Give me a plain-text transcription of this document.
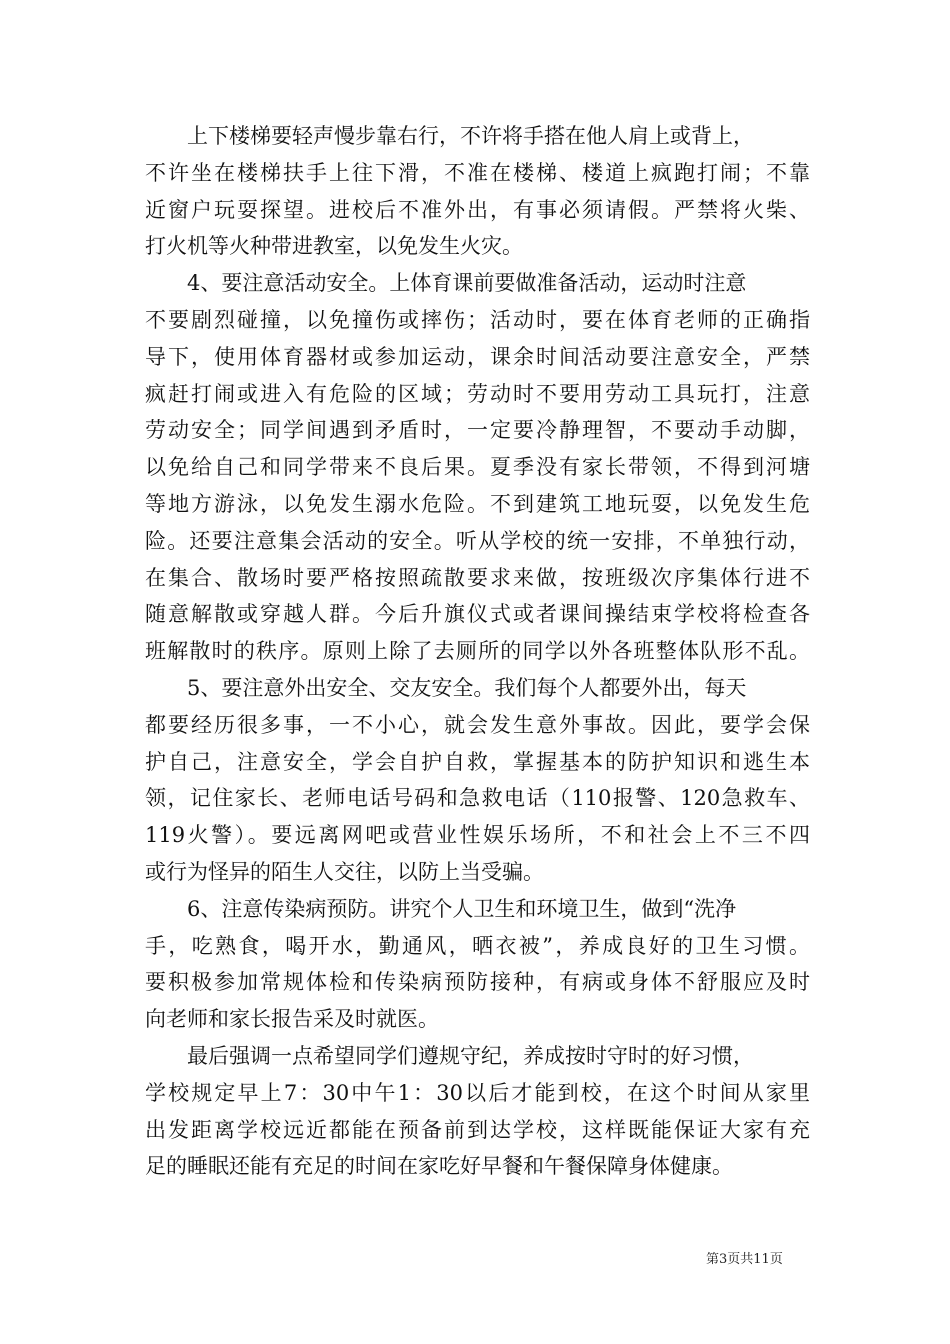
上下楼梯要轻声慢步靠右行，不许将手搭在他人肩上或背上，
不许坐在楼梯扶手上往下滑，不准在楼梯、楼道上疯跑打闹；不靠
近窗户玩耍探望。进校后不准外出，有事必须请假。严禁将火柴、
打火机等火种带进教室，以免发生火灾。
4、要注意活动安全。上体育课前要做准备活动，运动时注意
不要剧烈碰撞，以免撞伤或摔伤；活动时，要在体育老师的正确指
导下，使用体育器材或参加运动，课余时间活动要注意安全，严禁
疯赶打闹或进入有危险的区域；劳动时不要用劳动工具玩打，注意
劳动安全；同学间遇到矛盾时，一定要冷静理智，不要动手动脚，
以免给自己和同学带来不良后果。夏季没有家长带领，不得到河塘
等地方游泳，以免发生溺水危险。不到建筑工地玩耍，以免发生危
险。还要注意集会活动的安全。听从学校的统一安排，不单独行动，
在集合、散场时要严格按照疏散要求来做，按班级次序集体行进不
随意解散或穿越人群。今后升旗仪式或者课间操结束学校将检查各
班解散时的秩序。原则上除了去厕所的同学以外各班整体队形不乱。
5、要注意外出安全、交友安全。我们每个人都要外出，每天
都要经历很多事，一不小心，就会发生意外事故。因此，要学会保
护自己，注意安全，学会自护自救，掌握基本的防护知识和逃生本
领，记住家长、老师电话号码和急救电话（110报警、120急救车、
119火警）。要远离网吧或营业性娱乐场所，不和社会上不三不四
或行为怪异的陌生人交往，以防上当受骗。
6、注意传染病预防。讲究个人卫生和环境卫生，做到“洗净
手，吃熟食，喝开水，勤通风，晒衣被”，养成良好的卫生习惯。
要积极参加常规体检和传染病预防接种，有病或身体不舒服应及时
向老师和家长报告采及时就医。
最后强调一点希望同学们遵规守纪，养成按时守时的好习惯，
学校规定早上7：30中午1：30以后才能到校，在这个时间从家里
出发距离学校远近都能在预备前到达学校，这样既能保证大家有充
足的睡眠还能有充足的时间在家吃好早餐和午餐保障身体健康。
第3页共11页
